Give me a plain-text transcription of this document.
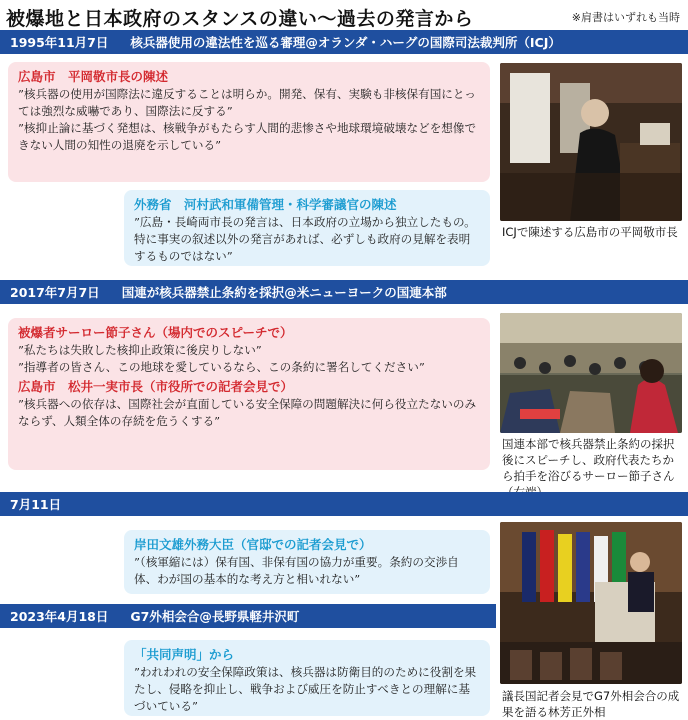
被爆地と日本政府のスタンスの違い～過去の発言から	※肩書はいずれも当時
1995年11月7日 核兵器使用の違法性を巡る審理@オランダ・ハーグの国際司法裁判所（ICJ）
広島市　平岡敬市長の陳述
”核兵器の使用が国際法に違反することは明らか。開発、保有、実験も非核保有国にとっては強烈な威嚇であり、国際法に反する”
”核抑止論に基づく発想は、核戦争がもたらす人間的悲惨さや地球環境破壊などを想像できない人間の知性の退廃を示している”
外務省　河村武和軍備管理・科学審議官の陳述
”広島・長崎両市長の発言は、日本政府の立場から独立したもの。特に事実の叙述以外の発言があれば、必ずしも政府の見解を表明するものではない”
ICJで陳述する広島市の平岡敬市長
2017年7月7日 国連が核兵器禁止条約を採択@米ニューヨークの国連本部
被爆者サーロー節子さん（場内でのスピーチで）
”私たちは失敗した核抑止政策に後戻りしない”
”指導者の皆さん、この地球を愛しているなら、この条約に署名してください”
広島市　松井一実市長（市役所での記者会見で）
”核兵器への依存は、国際社会が直面している安全保障の問題解決に何ら役立たないのみならず、人類全体の存続を危うくする”
国連本部で核兵器禁止条約の採択後にスピーチし、政府代表たちから拍手を浴びるサーロー節子さん
7月11日
岸田文雄外務大臣（官邸での記者会見で）
”（核軍縮には）保有国、非保有国の協力が重要。条約の交渉自体、わが国の基本的な考え方と相いれない”
2023年4月18日 G7外相会合@長野県軽井沢町
「共同声明」から
”われわれの安全保障政策は、核兵器は防衛目的のために役割を果たし、侵略を抑止し、戦争および威圧を防止すべきとの理解に基づいている”
議長国記者会見でG7外相会合の成果を語る林芳正外相
